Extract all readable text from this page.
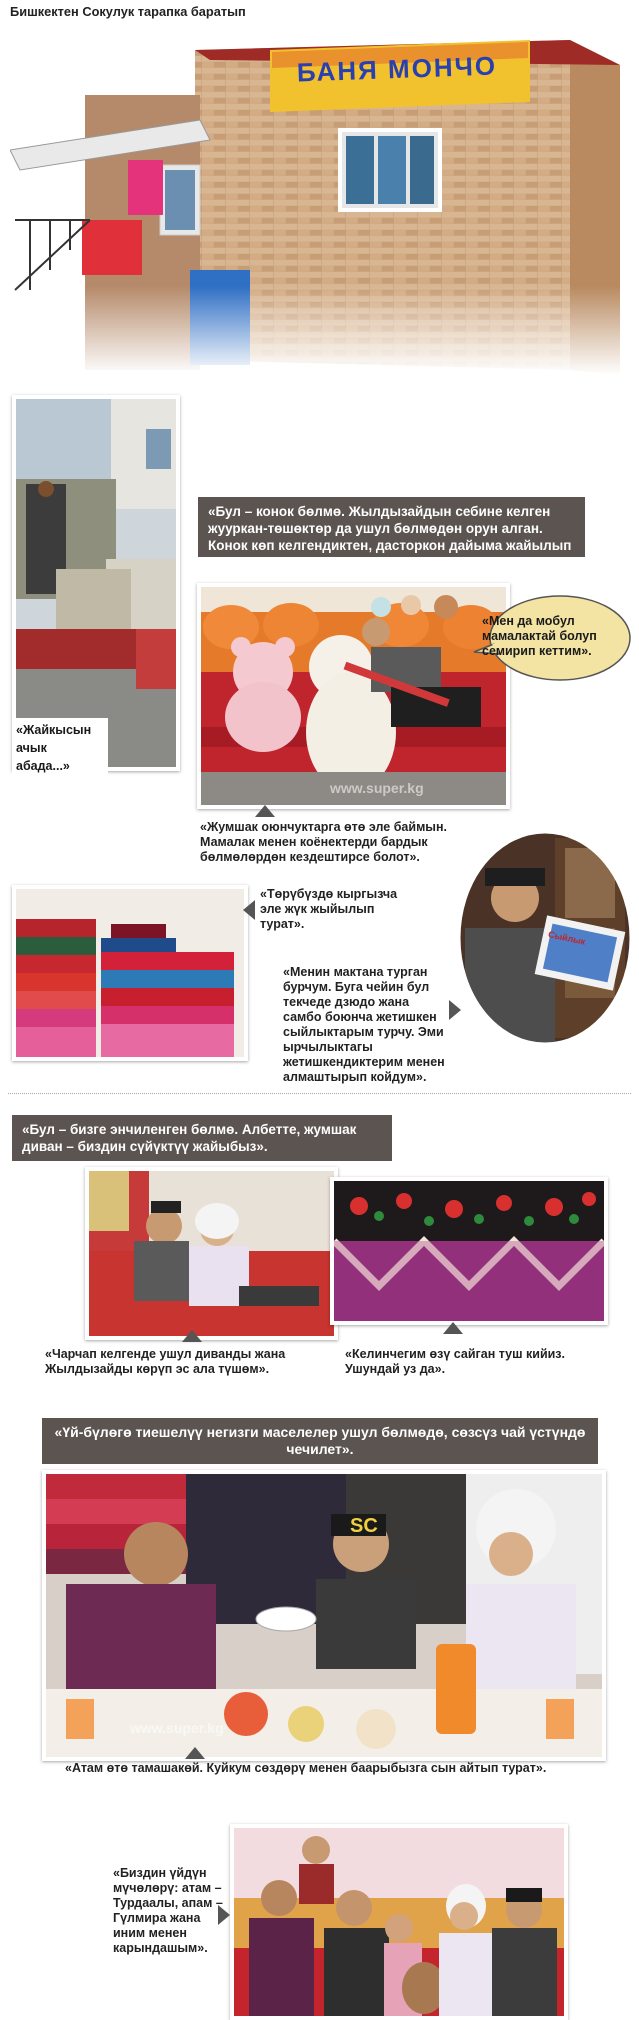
Бишкектен Сокулук тарапка баратып
БАНЯ МОНЧО
«Жайкысын ачык абада...»
«Бул – конок бөлмө. Жылдызайдын себине келген жууркан-төшөктөр да ушул бөлмөдөн орун алган. Конок көп келгендиктен, дасторкон дайыма жайылып турат».
«Мен да мобул мамалактай болуп семирип кеттим».
«Жумшак оюнчуктарга өтө эле баймын. Мамалак менен коёнектерди бардык бөлмөлөрдөн кездештирсе болот».
«Төрүбүздө кыргызча эле жүк жыйылып турат».
Сыйлык
«Менин мактана турган бурчум. Буга чейин бул текчеде дзюдо жана самбо боюнча жетишкен сыйлыктарым турчу. Эми ырчылыктагы жетишкендиктерим менен алмаштырып койдум».
«Бул – бизге энчиленген бөлмө. Албетте, жумшак диван – биздин сүйүктүү жайыбыз».
«Чарчап келгенде ушул диванды жана Жылдызайды көрүп эс ала түшөм».
«Келинчегим өзү сайган туш кийиз. Ушундай уз да».
«Үй-бүлөгө тиешелүү негизги маселелер ушул бөлмөдө, сөзсүз чай үстүндө чечилет».
SC
«Атам өтө тамашакөй. Куйкум сөздөрү менен баарыбызга сын айтып турат».
«Биздин үйдүн мүчөлөрү: атам – Турдаалы, апам – Гүлмира жана иним менен карындашым».
www.super.kg
www.super.kg
www.super.kg
